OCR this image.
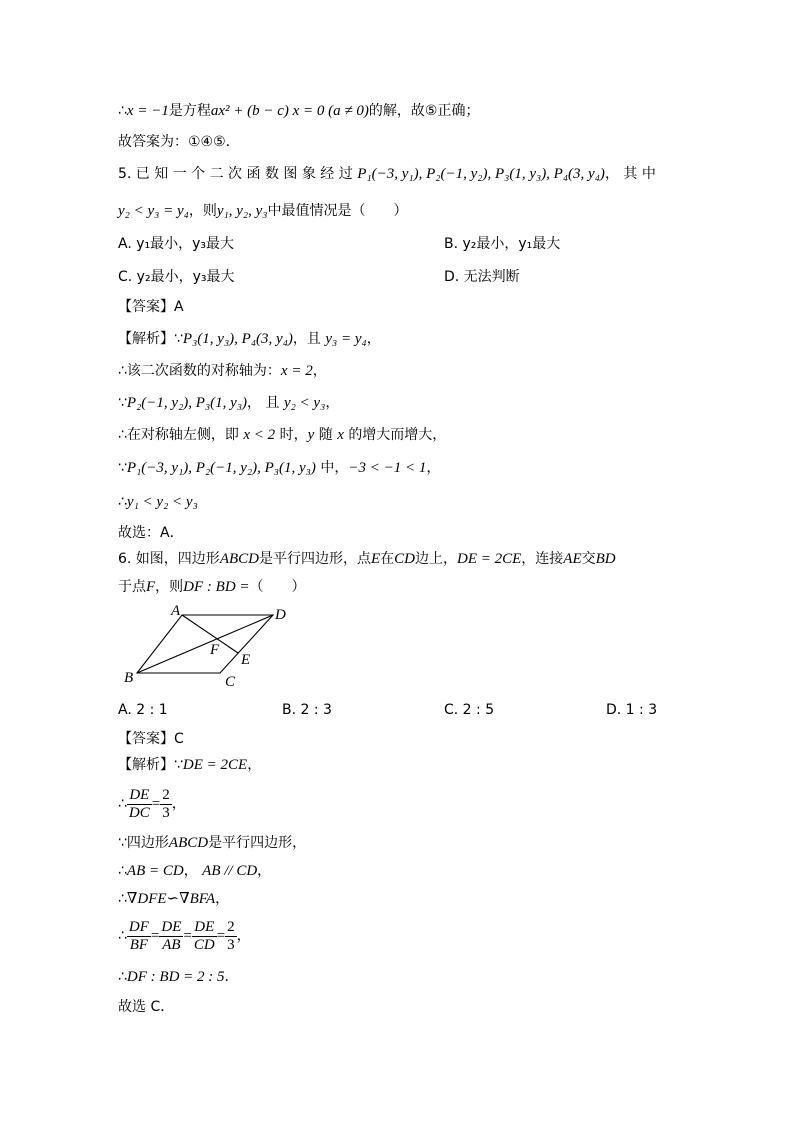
∴x = −1是方程ax² + (b − c) x = 0 (a ≠ 0)的解，故⑤正确；
故答案为：①④⑤．
5. 已 知 一 个 二 次 函 数 图 象 经 过 P₁(−3, y₁), P₂(−1, y₂), P₃(1, y₃), P₄(3, y₄)， 其 中
y₂ < y₃ = y₄，则y₁, y₂, y₃中最值情况是（　　）
A. y₁最小，y₃最大	B. y₂最小，y₁最大
C. y₂最小，y₃最大	D. 无法判断
【答案】A
【解析】∵P₃(1, y₃), P₄(3, y₄)，且 y₃ = y₄，
∴该二次函数的对称轴为：x = 2，
∵P₂(−1, y₂), P₃(1, y₃)， 且 y₂ < y₃，
∴在对称轴左侧，即 x < 2 时，y 随 x 的增大而增大，
∵P₁(−3, y₁), P₂(−1, y₂), P₃(1, y₃) 中，−3 < −1 < 1，
∴y₁ < y₂ < y₃
故选：A．
6. 如图，四边形ABCD是平行四边形，点E在CD边上，DE = 2CE，连接AE交BD
于点F，则DF : BD =（　　）
A	D
F
E
B	C
A. 2 : 1	B. 2 : 3	C. 2 : 5	D. 1 : 3
【答案】C
【解析】∵DE = 2CE，
∴ $\frac{DE}{DC} = \frac{2}{3}$ ，
∵四边形ABCD是平行四边形，
∴AB = CD， AB // CD，
∴∇DFE∽∇BFA，
∴ $\frac{DF}{BF} = \frac{DE}{AB} = \frac{DE}{CD} = \frac{2}{3}$ ，
∴DF : BD = 2 : 5．
故选 C．
